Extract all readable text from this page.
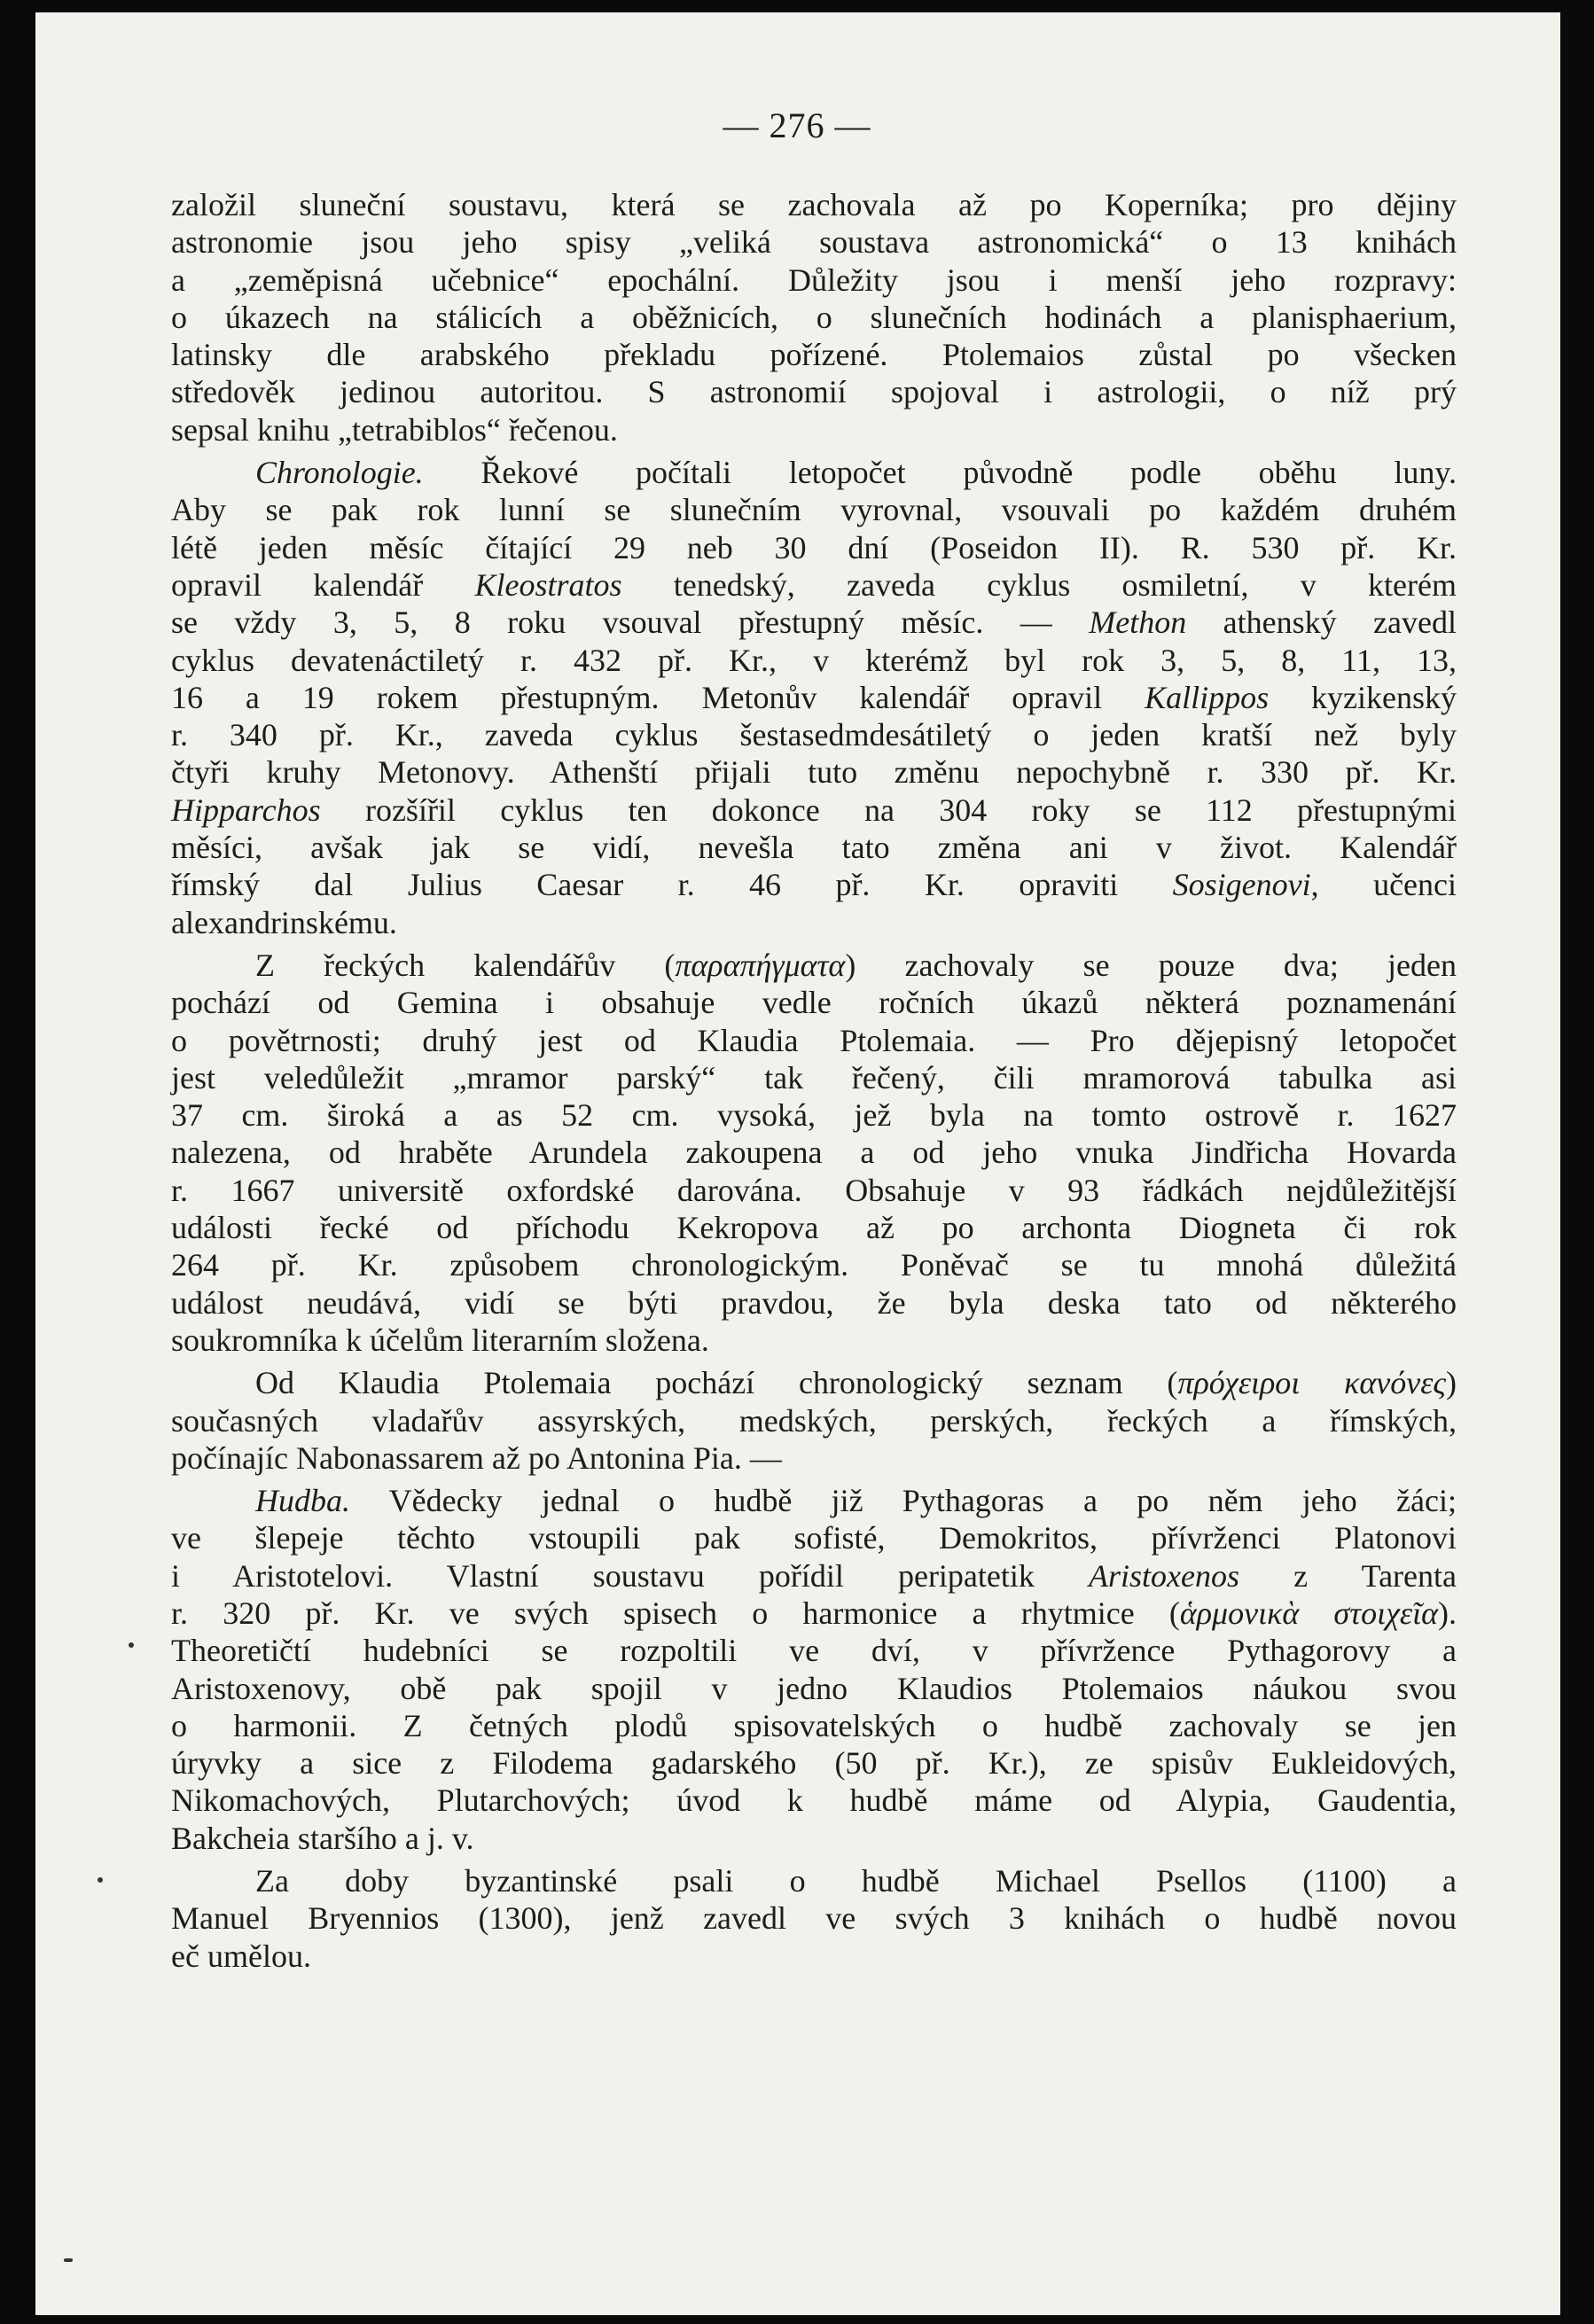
— 276 —
založil sluneční soustavu, která se zachovala až po Koperníka; pro dějiny
astronomie jsou jeho spisy „veliká soustava astronomická“ o 13 knihách
a „zeměpisná učebnice“ epochální. Důležity jsou i menší jeho rozpravy:
o úkazech na stálicích a oběžnicích, o slunečních hodinách a planisphaerium,
latinsky dle arabského překladu pořízené. Ptolemaios zůstal po všecken
středověk jedinou autoritou. S astronomií spojoval i astrologii, o níž prý
sepsal knihu „tetrabiblos“ řečenou.
Chronologie. Řekové počítali letopočet původně podle oběhu luny.
Aby se pak rok lunní se slunečním vyrovnal, vsouvali po každém druhém
létě jeden měsíc čítající 29 neb 30 dní (Poseidon II). R. 530 př. Kr.
opravil kalendář Kleostratos tenedský, zaveda cyklus osmiletní, v kterém
se vždy 3, 5, 8 roku vsouval přestupný měsíc. — Methon athenský zavedl
cyklus devatenáctiletý r. 432 př. Kr., v kterémž byl rok 3, 5, 8, 11, 13,
16 a 19 rokem přestupným. Metonův kalendář opravil Kallippos kyzikenský
r. 340 př. Kr., zaveda cyklus šestasedmdesátiletý o jeden kratší než byly
čtyři kruhy Metonovy. Athenští přijali tuto změnu nepochybně r. 330 př. Kr.
Hipparchos rozšířil cyklus ten dokonce na 304 roky se 112 přestupnými
měsíci, avšak jak se vidí, nevešla tato změna ani v život. Kalendář
římský dal Julius Caesar r. 46 př. Kr. opraviti Sosigenovi, učenci
alexandrinskému.
Z řeckých kalendářův (παραπήγματα) zachovaly se pouze dva; jeden
pochází od Gemina i obsahuje vedle ročních úkazů některá poznamenání
o povětrnosti; druhý jest od Klaudia Ptolemaia. — Pro dějepisný letopočet
jest veledůležit „mramor parský“ tak řečený, čili mramorová tabulka asi
37 cm. široká a as 52 cm. vysoká, jež byla na tomto ostrově r. 1627
nalezena, od hraběte Arundela zakoupena a od jeho vnuka Jindřicha Hovarda
r. 1667 universitě oxfordské darována. Obsahuje v 93 řádkách nejdůležitější
události řecké od příchodu Kekropova až po archonta Diogneta či rok
264 př. Kr. způsobem chronologickým. Poněvač se tu mnohá důležitá
událost neudává, vidí se býti pravdou, že byla deska tato od některého
soukromníka k účelům literarním složena.
Od Klaudia Ptolemaia pochází chronologický seznam (πρόχειροι κανόνες)
současných vladařův assyrských, medských, perských, řeckých a římských,
počínajíc Nabonassarem až po Antonina Pia. —
Hudba. Vědecky jednal o hudbě již Pythagoras a po něm jeho žáci;
ve šlepeje těchto vstoupili pak sofisté, Demokritos, přívrženci Platonovi
i Aristotelovi. Vlastní soustavu pořídil peripatetik Aristoxenos z Tarenta
r. 320 př. Kr. ve svých spisech o harmonice a rhytmice (ἁρμονικὰ στοιχεῖα).
Theoretičtí hudebníci se rozpoltili ve dví, v přívržence Pythagorovy a
Aristoxenovy, obě pak spojil v jedno Klaudios Ptolemaios náukou svou
o harmonii. Z četných plodů spisovatelských o hudbě zachovaly se jen
úryvky a sice z Filodema gadarského (50 př. Kr.), ze spisův Eukleidových,
Nikomachových, Plutarchových; úvod k hudbě máme od Alypia, Gaudentia,
Bakcheia staršího a j. v.
Za doby byzantinské psali o hudbě Michael Psellos (1100) a
Manuel Bryennios (1300), jenž zavedl ve svých 3 knihách o hudbě novou
eč umělou.
